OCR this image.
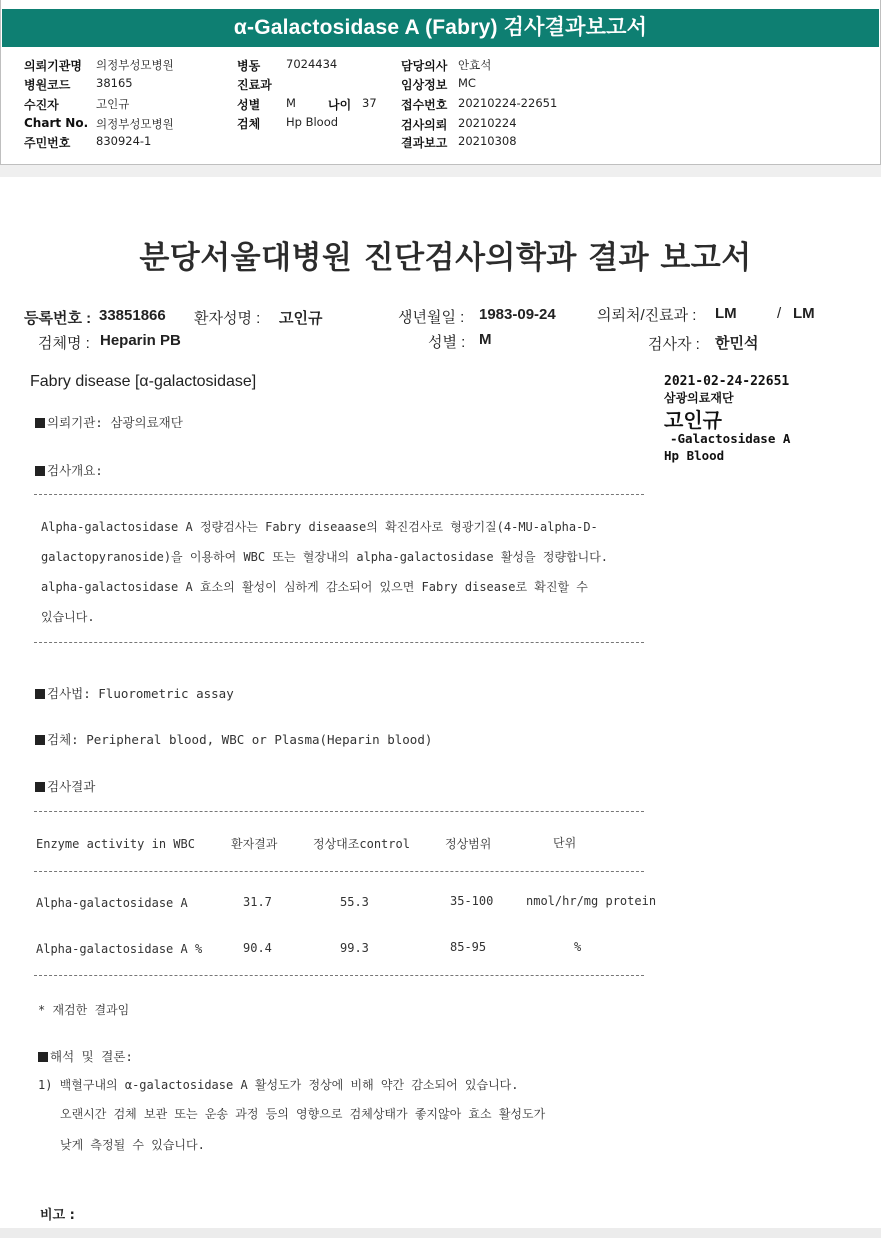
α-Galactosidase A (Fabry) 검사결과보고서
의뢰기관명 의정부성모병원
병원코드 38165
수진자	고인규
Chart No. 의정부성모병원
주민번호 830924-1
병동 7024434
진료과
성별 M	나이 37
검체 Hp Blood
담당의사 안효석
임상정보 MC
접수번호 20210224-22651
검사의뢰 20210224
결과보고 20210308
분당서울대병원 진단검사의학과 결과 보고서
등록번호 : 33851866 환자성명 : 고인규	생년월일 : 1983-09-24	의뢰처/진료과 : LM	/ LM
검체명 : Heparin PB	성별 : M	검사자 : 한민석
Fabry disease [α-galactosidase]	2021-02-24-22651
삼광의료재단
고인규
-Galactosidase A
Hp Blood
의뢰기관: 삼광의료재단
검사개요:
Alpha-galactosidase A 정량검사는 Fabry diseaase의 확진검사로 형광기질(4-MU-alpha-D-
galactopyranoside)을 이용하여 WBC 또는 혈장내의 alpha-galactosidase 활성을 정량합니다.
alpha-galactosidase A 효소의 활성이 심하게 감소되어 있으면 Fabry disease로 확진할 수
있습니다.
검사법: Fluorometric assay
검체: Peripheral blood, WBC or Plasma(Heparin blood)
검사결과
Enzyme activity in WBC	환자결과	정상대조control	정상범위	단위
Alpha-galactosidase A	31.7	55.3	35-100	nmol/hr/mg protein
Alpha-galactosidase A %	90.4	99.3	85-95	%
* 재검한 결과임
해석 및 결론:
1) 백혈구내의 α-galactosidase A 활성도가 정상에 비해 약간 감소되어 있습니다.
오랜시간 검체 보관 또는 운송 과정 등의 영향으로 검체상태가 좋지않아 효소 활성도가
낮게 측정될 수 있습니다.
비고 :
